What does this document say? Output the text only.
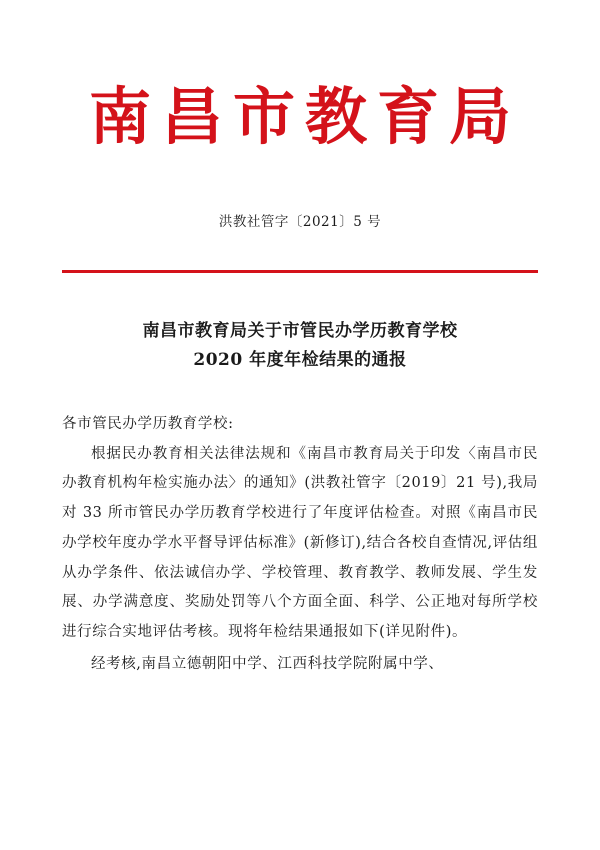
南昌市教育局
洪教社管字〔2021〕5 号
南昌市教育局关于市管民办学历教育学校
2020 年度年检结果的通报

各市管民办学历教育学校:

根据民办教育相关法律法规和《南昌市教育局关于印发〈南昌市民办教育机构年检实施办法〉的通知》(洪教社管字〔2019〕21 号),我局对 33 所市管民办学历教育学校进行了年度评估检查。对照《南昌市民办学校年度办学水平督导评估标准》(新修订),结合各校自查情况,评估组从办学条件、依法诚信办学、学校管理、教育教学、教师发展、学生发展、办学满意度、奖励处罚等八个方面全面、科学、公正地对每所学校进行综合实地评估考核。现将年检结果通报如下(详见附件)。

经考核,南昌立德朝阳中学、江西科技学院附属中学、
